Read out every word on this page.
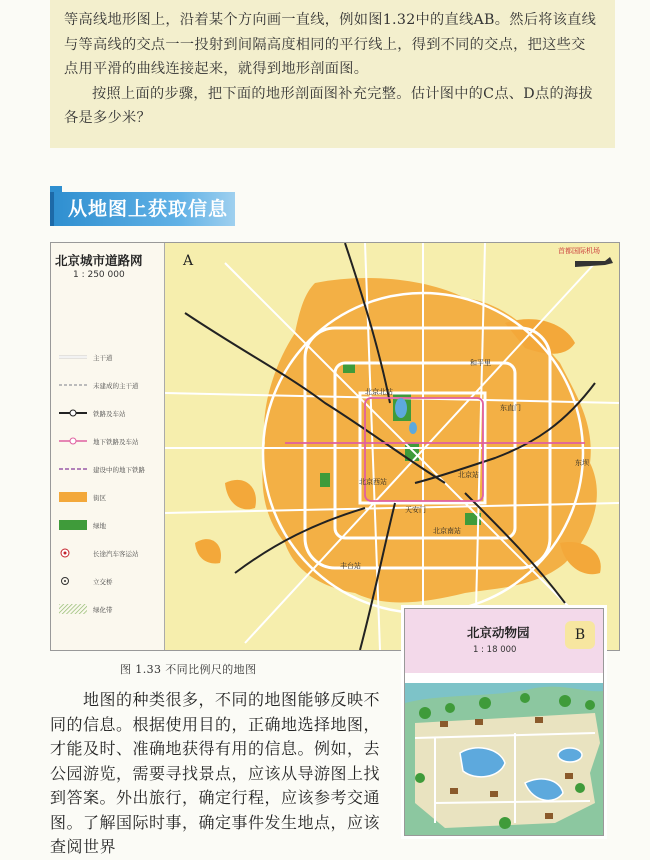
等高线地形图上，沿着某个方向画一直线，例如图1.32中的直线AB。然后将该直线与等高线的交点一一投射到间隔高度相同的平行线上，得到不同的交点，把这些交点用平滑的曲线连接起来，就得到地形剖面图。

按照上面的步骤，把下面的地形剖面图补充完整。估计图中的C点、D点的海拔各是多少米？

从地图上获取信息
北京城市道路网
1 : 250 000
主干道
未建成的主干道
铁路及车站
地下铁路及车站
建设中的地下铁路
街区
绿地
长途汽车客运站
立交桥
绿化带
A
首都国际机场
北京北站
北京西站
北京站
北京南站
和平里
天安门
丰台站
东直门
东坝
图 1.33 不同比例尺的地图

地图的种类很多，不同的地图能够反映不同的信息。根据使用目的，正确地选择地图，才能及时、准确地获得有用的信息。例如，去公园游览，需要寻找景点，应该从导游图上找到答案。外出旅行，确定行程，应该参考交通图。了解国际时事，确定事件发生地点，应该查阅世界

北京动物园
1 : 18 000
B
